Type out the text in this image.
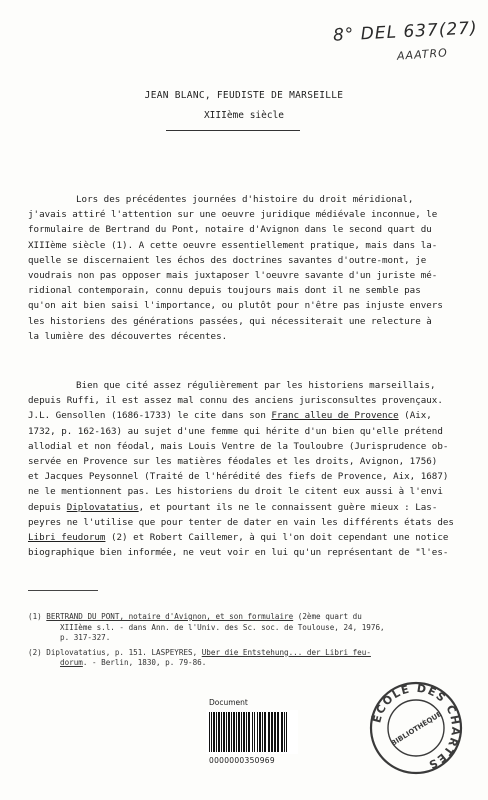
8° DEL 637(27)
AAATRO
JEAN BLANC, FEUDISTE DE MARSEILLE
XIIIème siècle
Lors des précédentes journées d'histoire du droit méridional,
j'avais attiré l'attention sur une oeuvre juridique médiévale inconnue, le
formulaire de Bertrand du Pont, notaire d'Avignon dans le second quart du
XIIIème siècle (1). A cette oeuvre essentiellement pratique, mais dans la-
quelle se discernaient les échos des doctrines savantes d'outre-mont, je
voudrais non pas opposer mais juxtaposer l'oeuvre savante d'un juriste mé-
ridional contemporain, connu depuis toujours mais dont il ne semble pas
qu'on ait bien saisi l'importance, ou plutôt pour n'être pas injuste envers
les historiens des générations passées, qui nécessiterait une relecture à
la lumière des découvertes récentes.
Bien que cité assez régulièrement par les historiens marseillais,
depuis Ruffi, il est assez mal connu des anciens jurisconsultes provençaux.
J.L. Gensollen (1686-1733) le cite dans son Franc alleu de Provence (Aix,
1732, p. 162-163) au sujet d'une femme qui hérite d'un bien qu'elle prétend
allodial et non féodal, mais Louis Ventre de la Touloubre (Jurisprudence ob-
servée en Provence sur les matières féodales et les droits, Avignon, 1756)
et Jacques Peysonnel (Traité de l'hérédité des fiefs de Provence, Aix, 1687)
ne le mentionnent pas. Les historiens du droit le citent eux aussi à l'envi
depuis Diplovatatius, et pourtant ils ne le connaissent guère mieux : Las-
peyres ne l'utilise que pour tenter de dater en vain les différents états des
Libri feudorum (2) et Robert Caillemer, à qui l'on doit cependant une notice
biographique bien informée, ne veut voir en lui qu'un représentant de "l'es-
(1) BERTRAND DU PONT, notaire d'Avignon, et son formulaire (2ème quart du
XIIIème s.l. - dans Ann. de l'Univ. des Sc. soc. de Toulouse, 24, 1976,
p. 317-327.
(2) Diplovatatius, p. 151. LASPEYRES, Uber die Entstehung... der Libri feu-
dorum. - Berlin, 1830, p. 79-86.
Document
0000000350969
ÉCOLE DES CHARTES
BIBLIOTHÈQUE
